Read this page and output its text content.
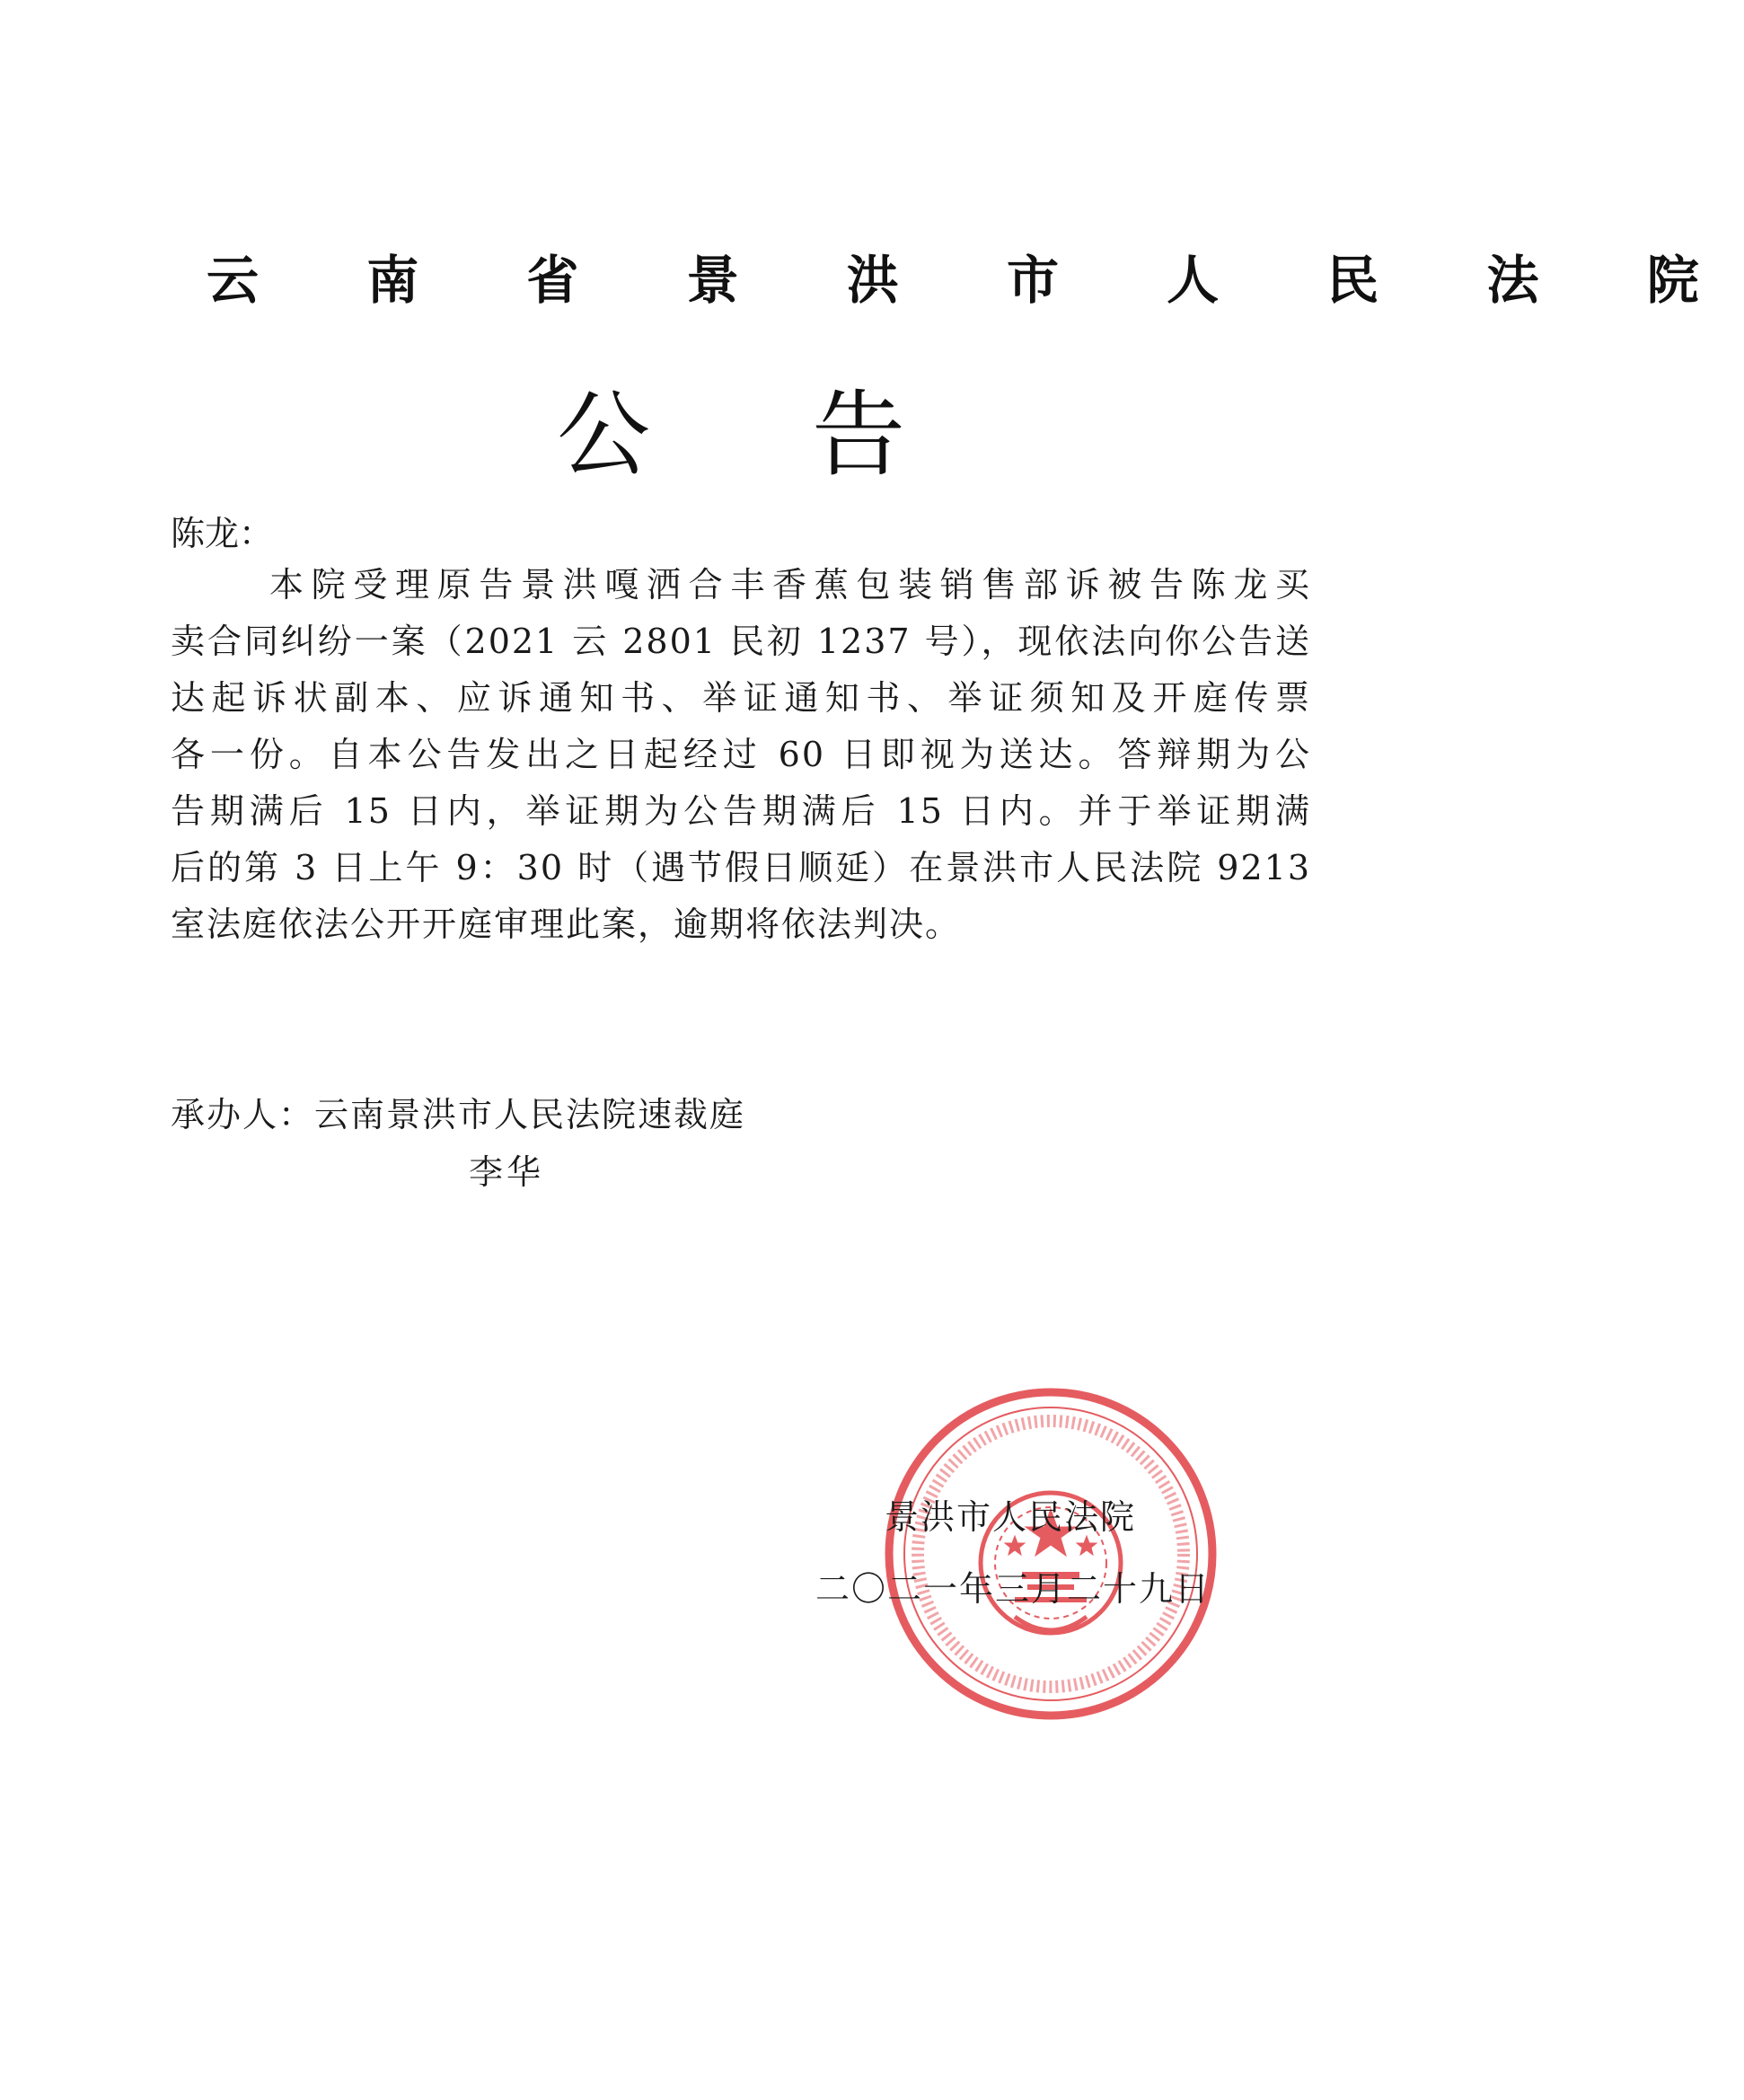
云 南 省 景 洪 市 人 民 法 院
公告
陈龙：
本院受理原告景洪嘎洒合丰香蕉包装销售部诉被告陈龙买
卖合同纠纷一案（2021 云 2801 民初 1237 号），现依法向你公告送
达起诉状副本、应诉通知书、举证通知书、举证须知及开庭传票
各一份。自本公告发出之日起经过 60 日即视为送达。答辩期为公
告期满后 15 日内，举证期为公告期满后 15 日内。并于举证期满
后的第 3 日上午 9：30 时（遇节假日顺延）在景洪市人民法院 9213
室法庭依法公开开庭审理此案，逾期将依法判决。
承办人：云南景洪市人民法院速裁庭
李华
景洪市人民法院
二〇二一年三月二十九日
